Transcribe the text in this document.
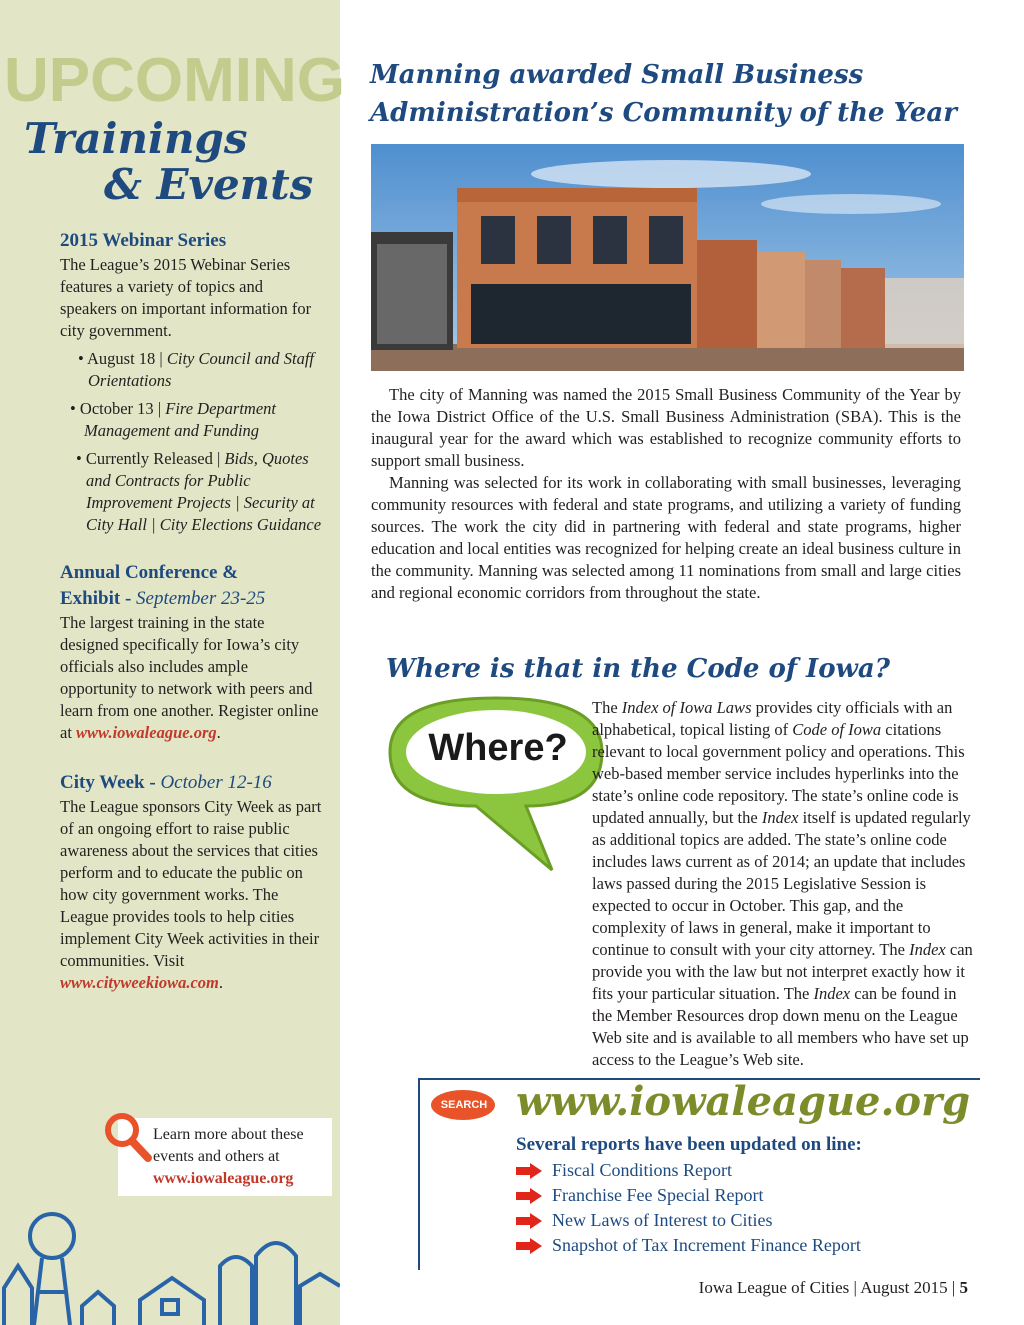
UPCOMING
Trainings
& Events
2015 Webinar Series
The League’s 2015 Webinar Series features a variety of topics and speakers on important information for city government.
• August 18 | City Council and Staff Orientations
• October 13 | Fire Department Management and Funding
• Currently Released | Bids, Quotes and Contracts for Public Improvement Projects | Security at City Hall | City Elections Guidance
Annual Conference &
Exhibit - September 23-25
The largest training in the state designed specifically for Iowa’s city officials also includes ample opportunity to network with peers and learn from one another. Register online at www.iowaleague.org.
City Week - October 12-16
The League sponsors City Week as part of an ongoing effort to raise public awareness about the services that cities perform and to educate the public on how city government works. The League provides tools to help cities implement City Week activities in their communities. Visit www.cityweekiowa.com.
Learn more about these events and others at
www.iowaleague.org
Manning awarded Small Business
Administration’s Community of the Year
The city of Manning was named the 2015 Small Business Community of the Year by the Iowa District Office of the U.S. Small Business Administration (SBA). This is the inaugural year for the award which was established to recognize community efforts to support small business.
Manning was selected for its work in collaborating with small businesses, leveraging community resources with federal and state programs, and utilizing a variety of funding sources. The work the city did in partnering with federal and state programs, higher education and local entities was recognized for helping create an ideal business culture in the community. Manning was selected among 11 nominations from small and large cities and regional economic corridors from throughout the state.
Where is that in the Code of Iowa?
Where?
The Index of Iowa Laws provides city officials with an alphabetical, topical listing of Code of Iowa citations relevant to local government policy and operations. This web-based member service includes hyperlinks into the state’s online code repository. The state’s online code is updated annually, but the Index itself is updated regularly as additional topics are added. The state’s online code includes laws current as of 2014; an update that includes laws passed during the 2015 Legislative Session is expected to occur in October. This gap, and the complexity of laws in general, make it important to continue to consult with your city attorney. The Index can provide you with the law but not interpret exactly how it fits your particular situation. The Index can be found in the Member Resources drop down menu on the League Web site and is available to all members who have set up access to the League’s Web site.
SEARCH www.iowaleague.org
Several reports have been updated on line:
Fiscal Conditions Report
Franchise Fee Special Report
New Laws of Interest to Cities
Snapshot of Tax Increment Finance Report
Iowa League of Cities | August 2015 | 5
